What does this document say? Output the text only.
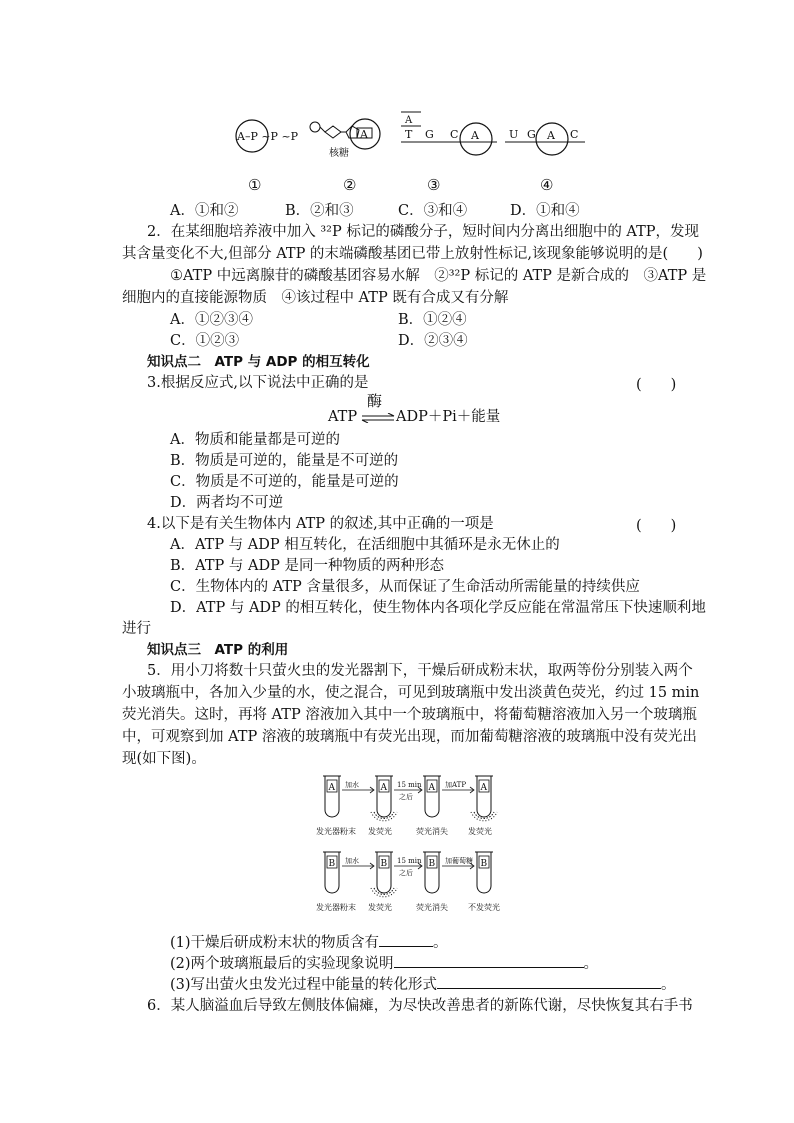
A–P ~P ~P	A
核糖
A
T G C A	U G	C
A
①	②	③	④
A．①和②	B．②和③	C．③和④	D．①和④
2．在某细胞培养液中加入 ³²P 标记的磷酸分子，短时间内分离出细胞中的 ATP，发现
其含量变化不大,但部分 ATP 的末端磷酸基团已带上放射性标记,该现象能够说明的是(　　)
①ATP 中远离腺苷的磷酸基团容易水解　②³²P 标记的 ATP 是新合成的　③ATP 是
细胞内的直接能源物质　④该过程中 ATP 既有合成又有分解
A．①②③④	B．①②④
C．①②③	D．②③④
知识点二　ATP 与 ADP 的相互转化
3.根据反应式,以下说法中正确的是	(　　)
ATP
酶
⇌ ADP＋Pi＋能量
A．物质和能量都是可逆的
B．物质是可逆的，能量是不可逆的
C．物质是不可逆的，能量是可逆的
D．两者均不可逆
4.以下是有关生物体内 ATP 的叙述,其中正确的一项是	(　　)
A．ATP 与 ADP 相互转化，在活细胞中其循环是永无休止的
B．ATP 与 ADP 是同一种物质的两种形态
C．生物体内的 ATP 含量很多，从而保证了生命活动所需能量的持续供应
D．ATP 与 ADP 的相互转化，使生物体内各项化学反应能在常温常压下快速顺利地
进行
知识点三　ATP 的利用
5．用小刀将数十只萤火虫的发光器割下，干燥后研成粉末状，取两等份分别装入两个
小玻璃瓶中，各加入少量的水，使之混合，可见到玻璃瓶中发出淡黄色荧光，约过 15 min
荧光消失。这时，再将 ATP 溶液加入其中一个玻璃瓶中，将葡萄糖溶液加入另一个玻璃瓶
中，可观察到加 ATP 溶液的玻璃瓶中有荧光出现，而加葡萄糖溶液的玻璃瓶中没有荧光出
现(如下图)。
A
发光器粉末
A
发荧光
A
荧光消失
A
发荧光
加水	15 min
之后
加ATP
B
发光器粉末
B
发荧光
B
荧光消失
B
不发荧光
加水	15 min
之后
加葡萄糖
(1)干燥后研成粉末状的物质含有	。
(2)两个玻璃瓶最后的实验现象说明	。
(3)写出萤火虫发光过程中能量的转化形式	。
6．某人脑溢血后导致左侧肢体偏瘫，为尽快改善患者的新陈代谢，尽快恢复其右手书
